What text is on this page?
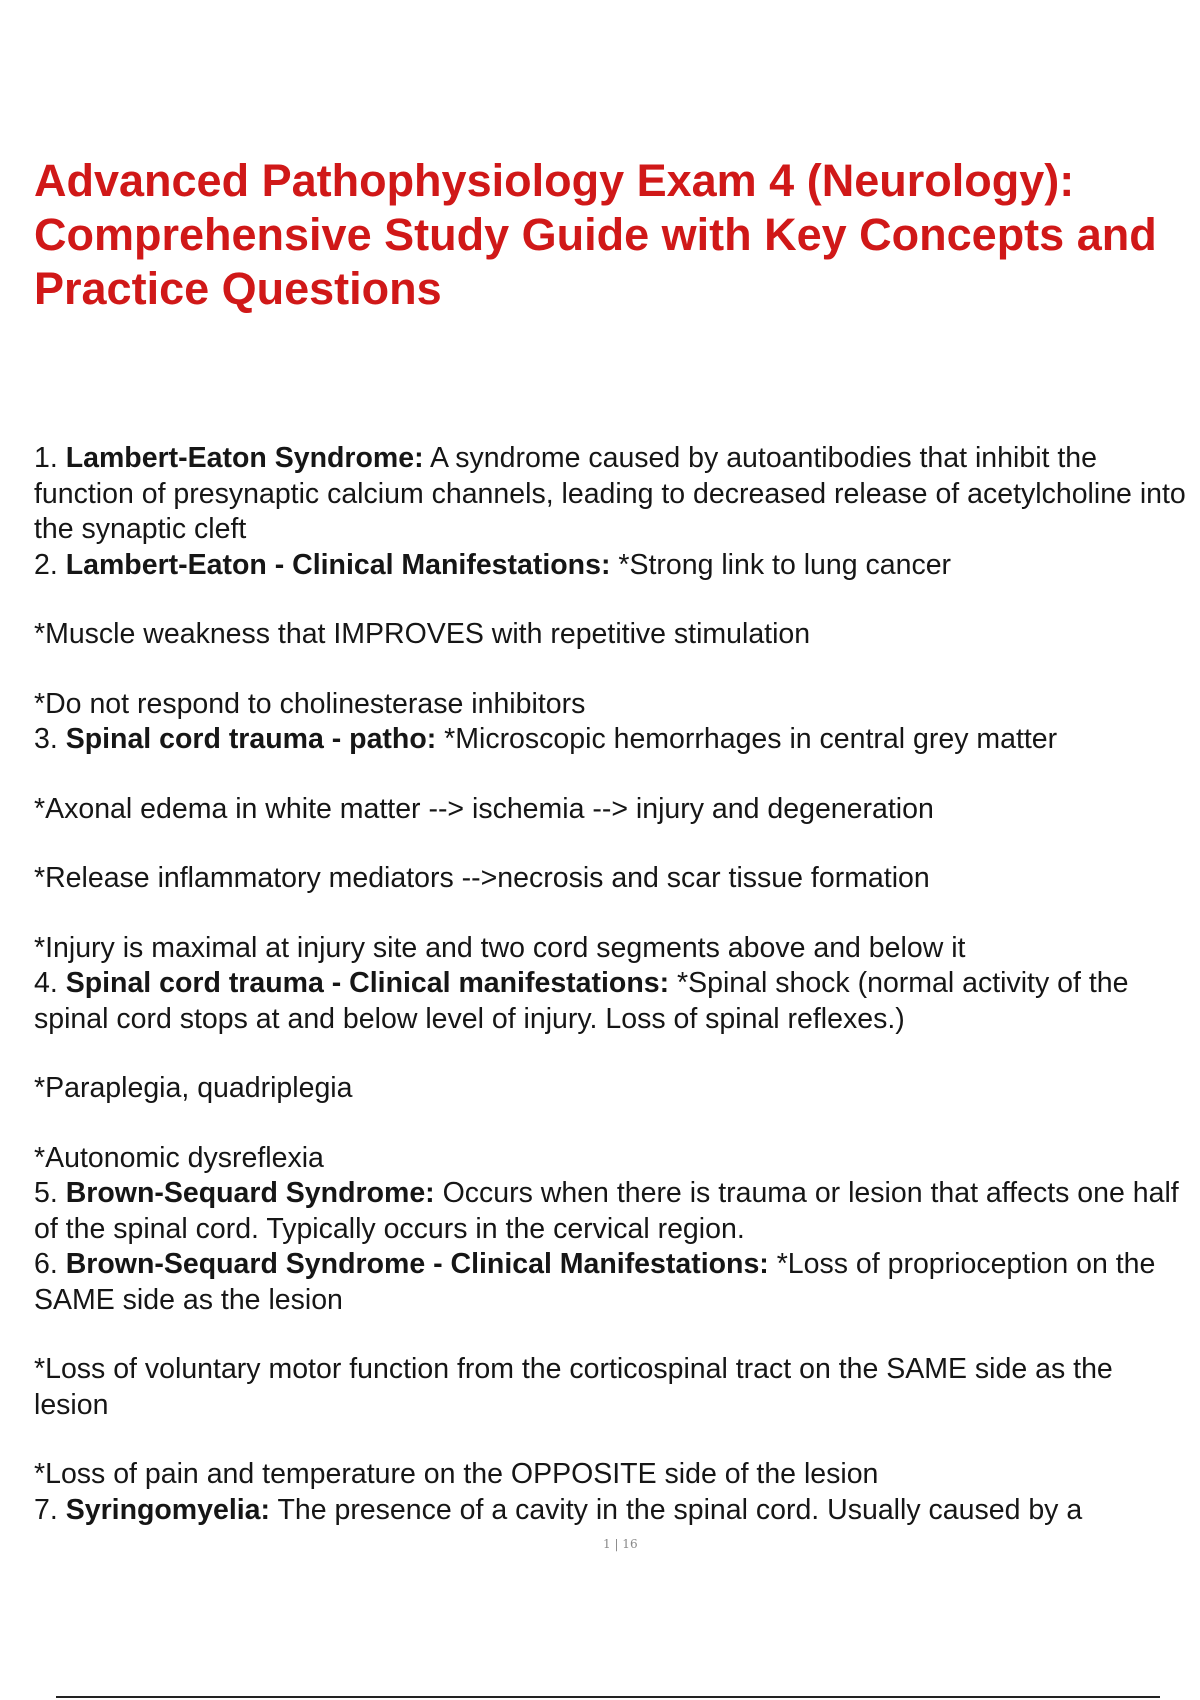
Advanced Pathophysiology Exam 4 (Neurology): Comprehensive Study Guide with Key Concepts and Practice Questions

1. Lambert-Eaton Syndrome: A syndrome caused by autoantibodies that inhibit the function of presynaptic calcium channels, leading to decreased release of acetylcholine into the synaptic cleft

2. Lambert-Eaton - Clinical Manifestations: *Strong link to lung cancer

*Muscle weakness that IMPROVES with repetitive stimulation

*Do not respond to cholinesterase inhibitors

3. Spinal cord trauma - patho: *Microscopic hemorrhages in central grey matter

*Axonal edema in white matter --> ischemia --> injury and degeneration

*Release inflammatory mediators -->necrosis and scar tissue formation

*Injury is maximal at injury site and two cord segments above and below it

4. Spinal cord trauma - Clinical manifestations: *Spinal shock (normal activity of the spinal cord stops at and below level of injury. Loss of spinal reflexes.)

*Paraplegia, quadriplegia

*Autonomic dysreflexia

5. Brown-Sequard Syndrome: Occurs when there is trauma or lesion that affects one half of the spinal cord. Typically occurs in the cervical region.

6. Brown-Sequard Syndrome - Clinical Manifestations: *Loss of proprioception on the SAME side as the lesion

*Loss of voluntary motor function from the corticospinal tract on the SAME side as the lesion

*Loss of pain and temperature on the OPPOSITE side of the lesion

7. Syringomyelia: The presence of a cavity in the spinal cord. Usually caused by a

1 | 16
